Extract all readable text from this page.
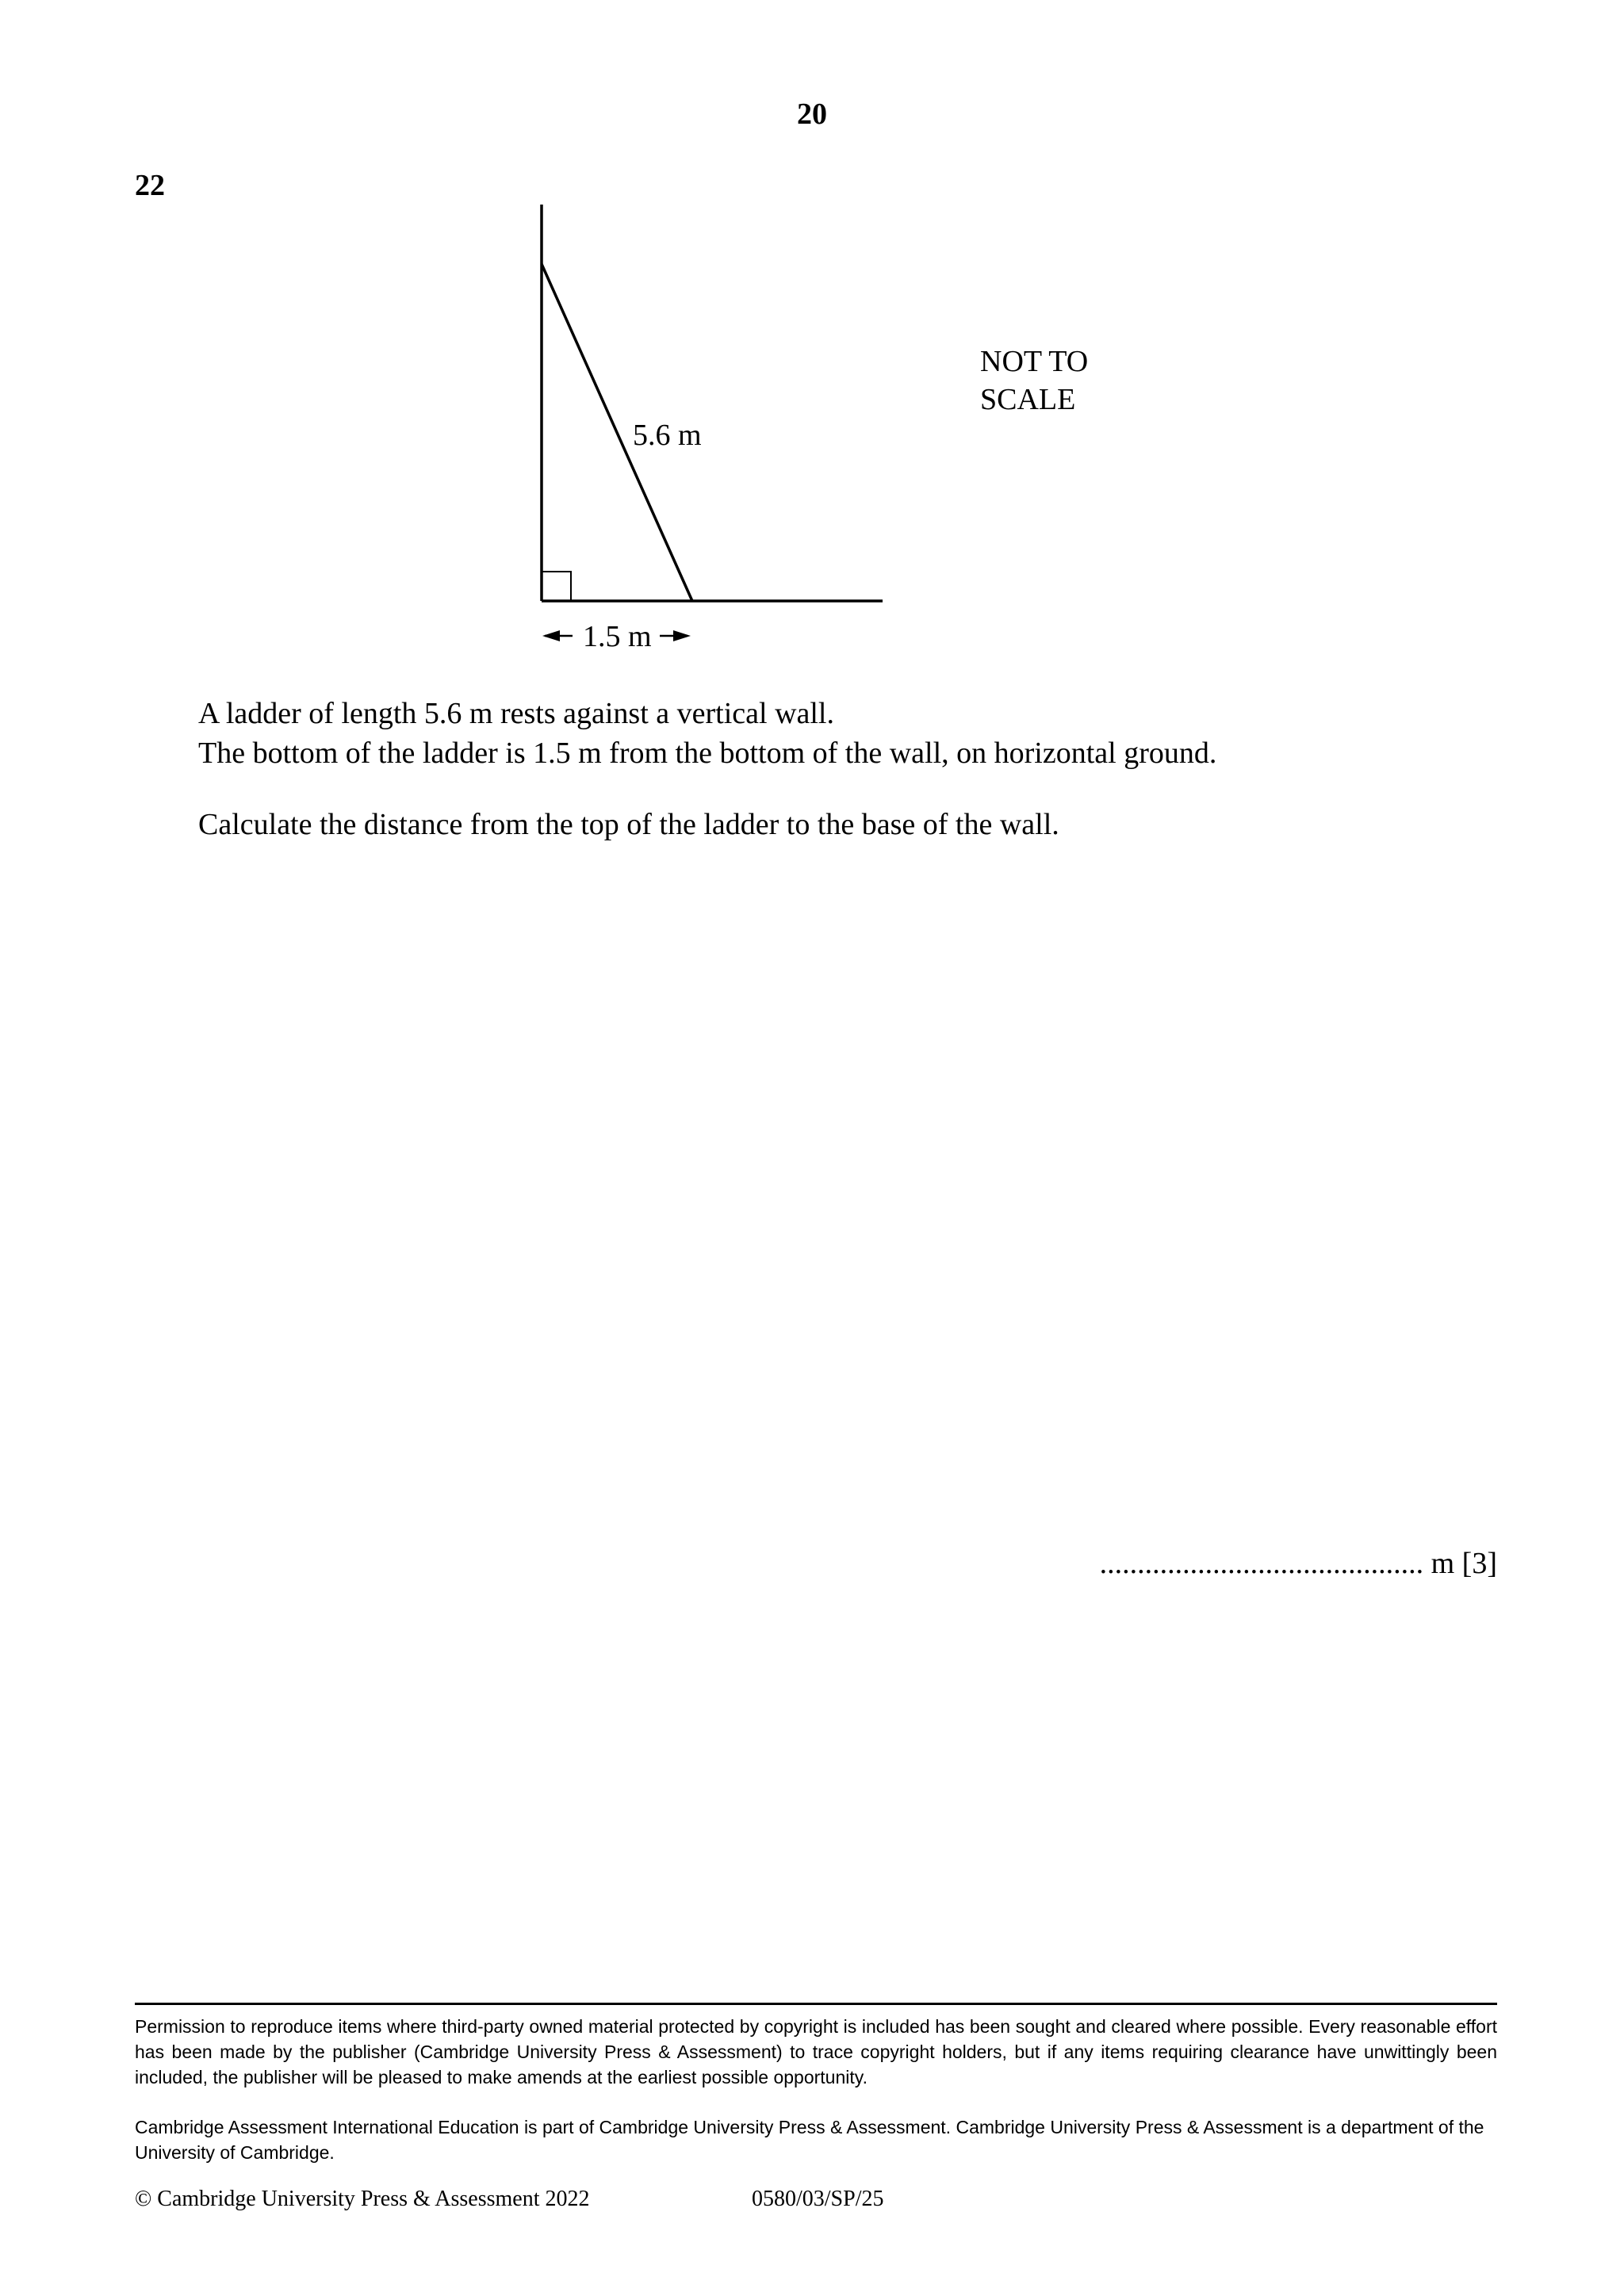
20
22
5.6 m
1.5 m
NOT TO
SCALE

A ladder of length 5.6 m rests against a vertical wall.

The bottom of the ladder is 1.5 m from the bottom of the wall, on horizontal ground.

Calculate the distance from the top of the ladder to the base of the wall.

........................................... m [3]

Permission to reproduce items where third-party owned material protected by copyright is included has been sought and cleared where possible. Every reasonable effort has been made by the publisher (Cambridge University Press & Assessment) to trace copyright holders, but if any items requiring clearance have unwittingly been included, the publisher will be pleased to make amends at the earliest possible opportunity.

Cambridge Assessment International Education is part of Cambridge University Press & Assessment. Cambridge University Press & Assessment is a department of the University of Cambridge.

© Cambridge University Press & Assessment 2022	0580/03/SP/25
